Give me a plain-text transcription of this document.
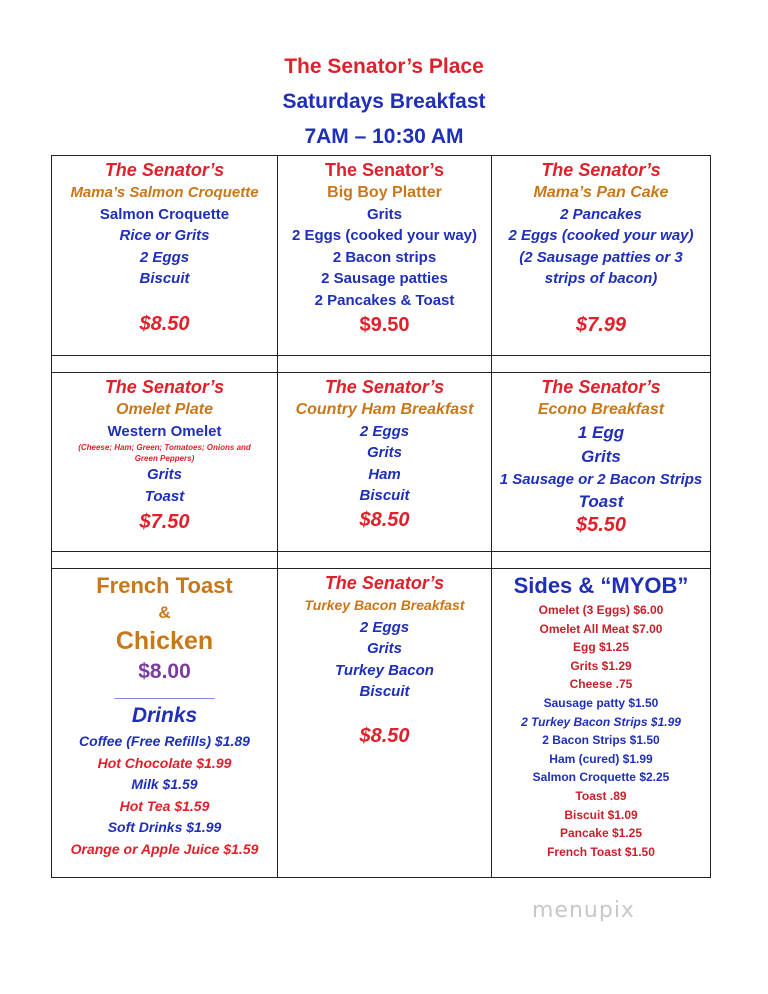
The Senator’s Place
Saturdays Breakfast
7AM – 10:30 AM
The Senator’s
Mama’s Salmon Croquette
Salmon Croquette
Rice or Grits
2 Eggs
Biscuit
$8.50
The Senator’s
Big Boy Platter
Grits
2 Eggs (cooked your way)
2 Bacon strips
2 Sausage patties
2 Pancakes & Toast
$9.50
The Senator’s
Mama’s Pan Cake
2 Pancakes
2 Eggs (cooked your way)
(2 Sausage patties or 3
strips of bacon)
$7.99
The Senator’s
Omelet Plate
Western Omelet
(Cheese; Ham; Green; Tomatoes; Onions and Green Peppers)
Grits
Toast
$7.50
The Senator’s
Country Ham Breakfast
2 Eggs
Grits
Ham
Biscuit
$8.50
The Senator’s
Econo Breakfast
1 Egg
Grits
1 Sausage or 2 Bacon Strips
Toast
$5.50
French Toast
&
Chicken
$8.00
____________
Drinks
Coffee (Free Refills) $1.89
Hot Chocolate $1.99
Milk $1.59
Hot Tea $1.59
Soft Drinks $1.99
Orange or Apple Juice $1.59
The Senator’s
Turkey Bacon Breakfast
2 Eggs
Grits
Turkey Bacon
Biscuit
$8.50
Sides & “MYOB”
Omelet (3 Eggs) $6.00
Omelet All Meat $7.00
Egg $1.25
Grits $1.29
Cheese .75
Sausage patty $1.50
2 Turkey Bacon Strips $1.99
2 Bacon Strips $1.50
Ham (cured) $1.99
Salmon Croquette $2.25
Toast .89
Biscuit $1.09
Pancake $1.25
French Toast $1.50
menupix
